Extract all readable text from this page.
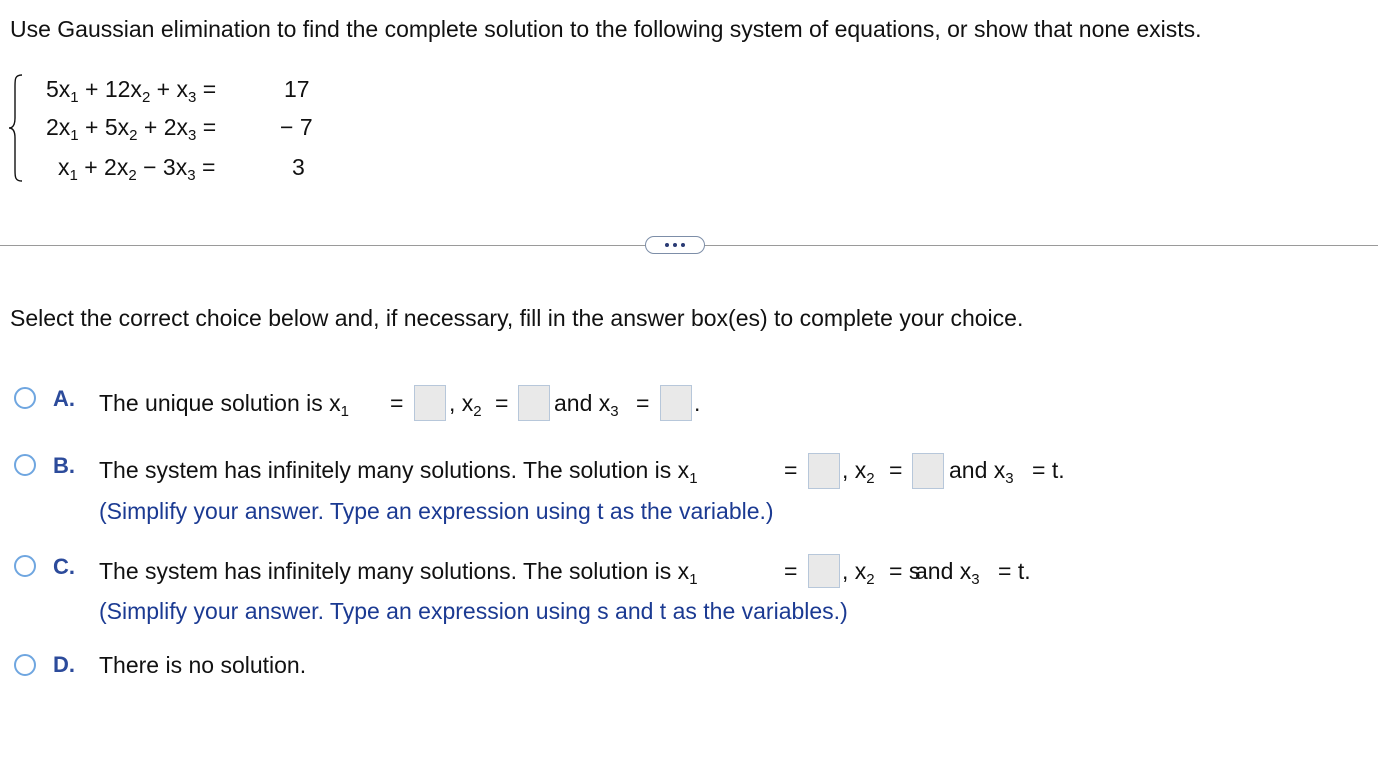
Use Gaussian elimination to find the complete solution to the following system of equations, or show that none exists.
$5x_1 + 12x_2 + x_3$ =	17
$2x_1 + 5x_2 + 2x_3$ =	− 7
$x_1 + 2x_2 - 3x_3$ =	3
Select the correct choice below and, if necessary, fill in the answer box(es) to complete your choice.
A. The unique solution is $x_1$ = , $x_2$ = and $x_3$ = .
B. The system has infinitely many solutions. The solution is $x_1$	= , $x_2$ = and $x_3 = t$.
(Simplify your answer. Type an expression using t as the variable.)
C. The system has infinitely many solutions. The solution is $x_1$	= , $x_2 = s$
and $x_3 = t$.
(Simplify your answer. Type an expression using s and t as the variables.)
D. There is no solution.
